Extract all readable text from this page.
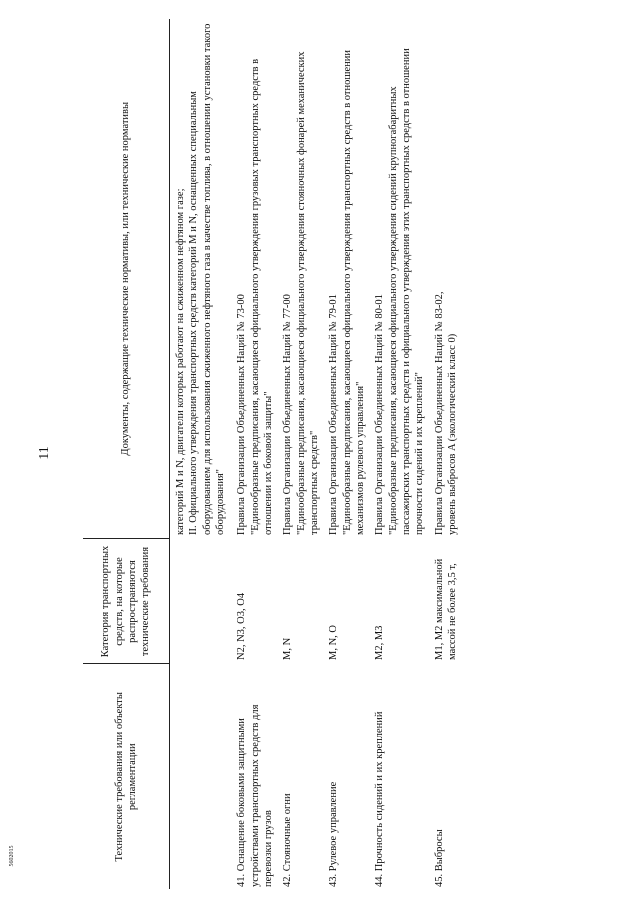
11
Технические требования или объекты регламентации	Категория транспортных средств, на которые распространяются технические требования	Документы, содержащие технические нормативы, или технические нормативы

		категорий M и N, двигатели которых работают на сжиженном нефтяном газе; II. Официального утверждения транспортных средств категорий M и N, оснащенных специальным оборудованием для использования сжиженного нефтяного газа в качестве топлива, в отношении установки такого оборудования"

41. Оснащение боковыми защитными устройствами транспортных средств для перевозки грузов	N2, N3, O3, O4	Правила Организации Объединенных Наций № 73-00 "Единообразные предписания, касающиеся официального утверждения грузовых транспортных средств в отношении их боковой защиты"

42. Стояночные огни	M, N	Правила Организации Объединенных Наций № 77-00 "Единообразные предписания, касающиеся официального утверждения стояночных фонарей механических транспортных средств"

43. Рулевое управление	M, N, O	Правила Организации Объединенных Наций № 79-01 "Единообразные предписания, касающиеся официального утверждения транспортных средств в отношении механизмов рулевого управления"

44. Прочность сидений и их креплений	M2, M3	Правила Организации Объединенных Наций № 80-01 "Единообразные предписания, касающиеся официального утверждения сидений крупногабаритных пассажирских транспортных средств и официального утверждения этих транспортных средств в отношении прочности сидений и их креплений"

45. Выбросы	M1, M2 максимальной массой не более 3,5 т,	Правила Организации Объединенных Наций № 83-02, уровень выбросов A (экологический класс 0)
5602015
